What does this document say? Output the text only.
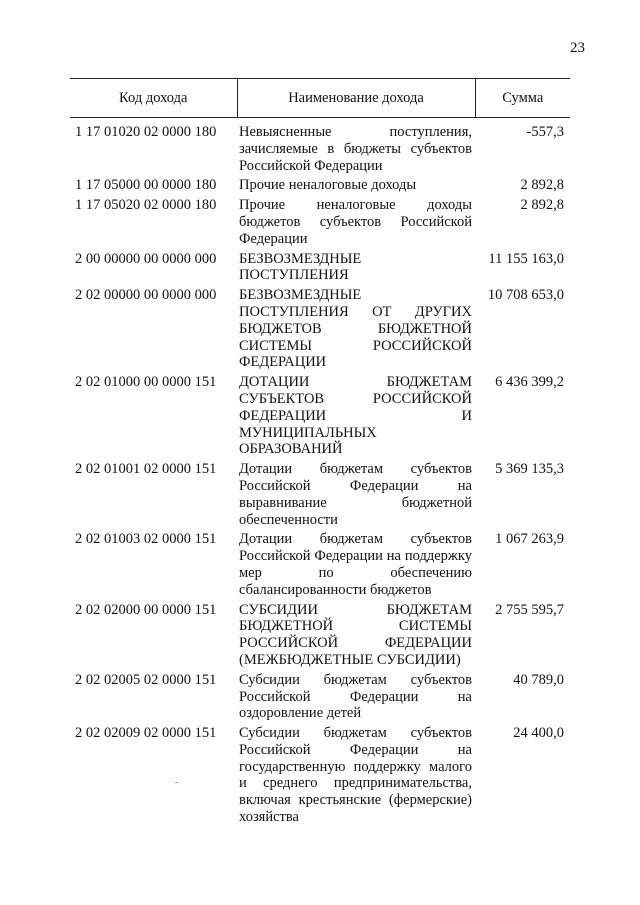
23
Код дохода	Наименование дохода	Сумма
1 17 01020 02 0000 180	Невыясненные поступления, зачисляемые в бюджеты субъектов Российской Федерации	-557,3
1 17 05000 00 0000 180	Прочие неналоговые доходы	2 892,8
1 17 05020 02 0000 180	Прочие неналоговые доходы бюджетов субъектов Российской Федерации	2 892,8
2 00 00000 00 0000 000	БЕЗВОЗМЕЗДНЫЕ ПОСТУПЛЕНИЯ	11 155 163,0
2 02 00000 00 0000 000	БЕЗВОЗМЕЗДНЫЕ ПОСТУПЛЕНИЯ ОТ ДРУГИХ БЮДЖЕТОВ БЮДЖЕТНОЙ СИСТЕМЫ РОССИЙСКОЙ ФЕДЕРАЦИИ	10 708 653,0
2 02 01000 00 0000 151	ДОТАЦИИ БЮДЖЕТАМ СУБЪЕКТОВ РОССИЙСКОЙ ФЕДЕРАЦИИ И МУНИЦИПАЛЬНЫХ ОБРАЗОВАНИЙ	6 436 399,2
2 02 01001 02 0000 151	Дотации бюджетам субъектов Российской Федерации на выравнивание бюджетной обеспеченности	5 369 135,3
2 02 01003 02 0000 151	Дотации бюджетам субъектов Российской Федерации на поддержку мер по обеспечению сбалансированности бюджетов	1 067 263,9
2 02 02000 00 0000 151	СУБСИДИИ БЮДЖЕТАМ БЮДЖЕТНОЙ СИСТЕМЫ РОССИЙСКОЙ ФЕДЕРАЦИИ (МЕЖБЮДЖЕТНЫЕ СУБСИДИИ)	2 755 595,7
2 02 02005 02 0000 151	Субсидии бюджетам субъектов Российской Федерации на оздоровление детей	40 789,0
2 02 02009 02 0000 151	Субсидии бюджетам субъектов Российской Федерации на государственную поддержку малого и среднего предпринимательства, включая крестьянские (фермерские) хозяйства	24 400,0
